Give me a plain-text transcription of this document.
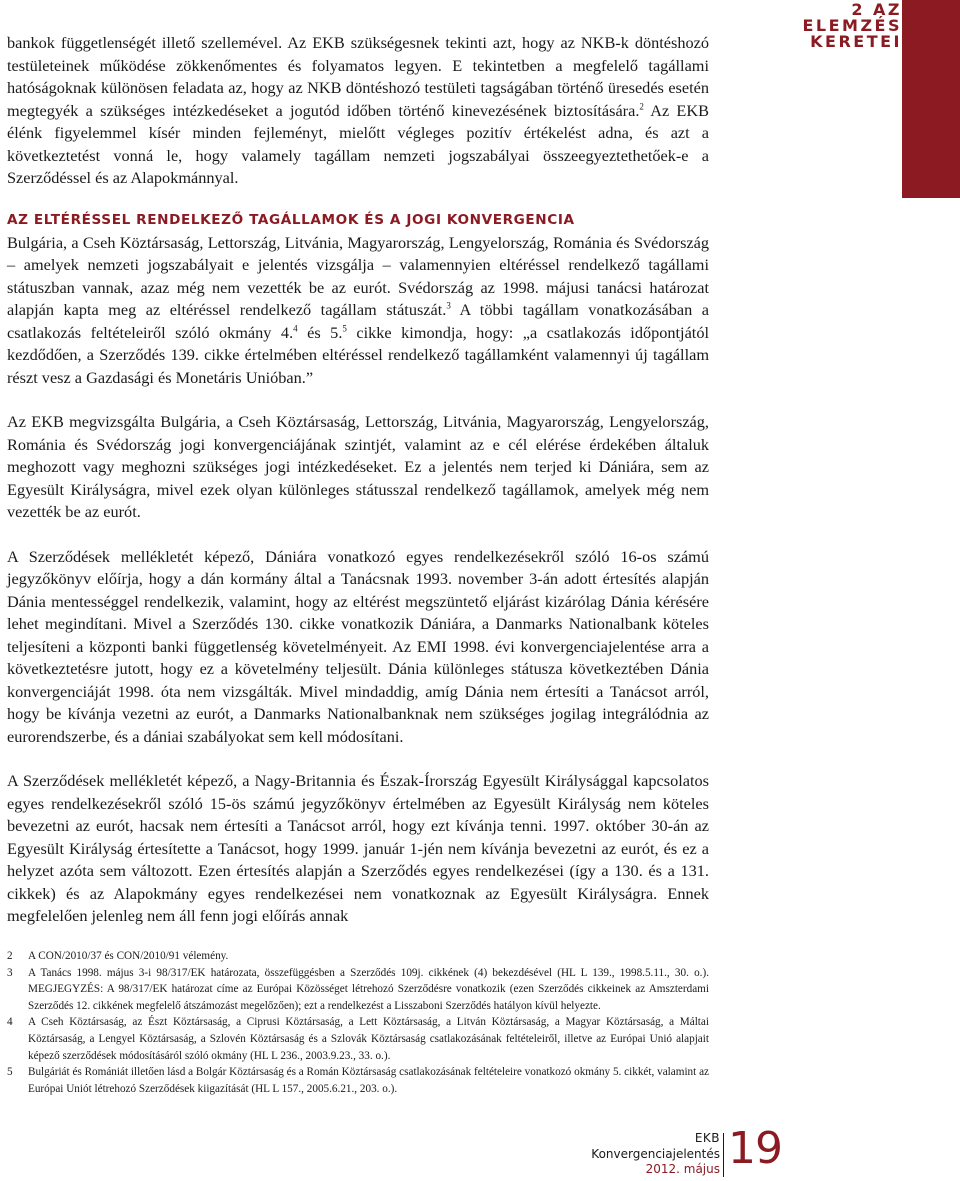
2 AZ ELEMZÉS
KERETEI

bankok függetlenségét illető szellemével. Az EKB szükségesnek tekinti azt, hogy az NKB-k döntéshozó testületeinek működése zökkenőmentes és folyamatos legyen. E tekintetben a megfelelő tagállami hatóságoknak különösen feladata az, hogy az NKB döntéshozó testületi tagságában történő üresedés esetén megtegyék a szükséges intézkedéseket a jogutód időben történő kinevezésének biztosítására.$^2$ Az EKB élénk figyelemmel kísér minden fejleményt, mielőtt végleges pozitív értékelést adna, és azt a következtetést vonná le, hogy valamely tagállam nemzeti jogszabályai összeegyeztethetőek-e a Szerződéssel és az Alapokmánnyal.

AZ ELTÉRÉSSEL RENDELKEZŐ TAGÁLLAMOK ÉS A JOGI KONVERGENCIA

Bulgária, a Cseh Köztársaság, Lettország, Litvánia, Magyarország, Lengyelország, Románia és Svédország – amelyek nemzeti jogszabályait e jelentés vizsgálja – valamennyien eltéréssel rendelkező tagállami státuszban vannak, azaz még nem vezették be az eurót. Svédország az 1998. májusi tanácsi határozat alapján kapta meg az eltéréssel rendelkező tagállam státuszát.$^3$ A többi tagállam vonatkozásában a csatlakozás feltételeiről szóló okmány 4.$^4$ és 5.$^5$ cikke kimondja, hogy: „a csatlakozás időpontjától kezdődően, a Szerződés 139. cikke értelmében eltéréssel rendelkező tagállamként valamennyi új tagállam részt vesz a Gazdasági és Monetáris Unióban.”

Az EKB megvizsgálta Bulgária, a Cseh Köztársaság, Lettország, Litvánia, Magyarország, Lengyelország, Románia és Svédország jogi konvergenciájának szintjét, valamint az e cél elérése érdekében általuk meghozott vagy meghozni szükséges jogi intézkedéseket. Ez a jelentés nem terjed ki Dániára, sem az Egyesült Királyságra, mivel ezek olyan különleges státusszal rendelkező tagállamok, amelyek még nem vezették be az eurót.

A Szerződések mellékletét képező, Dániára vonatkozó egyes rendelkezésekről szóló 16-os számú jegyzőkönyv előírja, hogy a dán kormány által a Tanácsnak 1993. november 3-án adott értesítés alapján Dánia mentességgel rendelkezik, valamint, hogy az eltérést megszüntető eljárást kizárólag Dánia kérésére lehet megindítani. Mivel a Szerződés 130. cikke vonatkozik Dániára, a Danmarks Nationalbank köteles teljesíteni a központi banki függetlenség követelményeit. Az EMI 1998. évi konvergenciajelentése arra a következtetésre jutott, hogy ez a követelmény teljesült. Dánia különleges státusza következtében Dánia konvergenciáját 1998. óta nem vizsgálták. Mivel mindaddig, amíg Dánia nem értesíti a Tanácsot arról, hogy be kívánja vezetni az eurót, a Danmarks Nationalbanknak nem szükséges jogilag integrálódnia az eurorendszerbe, és a dániai szabályokat sem kell módosítani.

A Szerződések mellékletét képező, a Nagy-Britannia és Észak-Írország Egyesült Királysággal kapcsolatos egyes rendelkezésekről szóló 15-ös számú jegyzőkönyv értelmében az Egyesült Királyság nem köteles bevezetni az eurót, hacsak nem értesíti a Tanácsot arról, hogy ezt kívánja tenni. 1997. október 30-án az Egyesült Királyság értesítette a Tanácsot, hogy 1999. január 1-jén nem kívánja bevezetni az eurót, és ez a helyzet azóta sem változott. Ezen értesítés alapján a Szerződés egyes rendelkezései (így a 130. és a 131. cikkek) és az Alapokmány egyes rendelkezései nem vonatkoznak az Egyesült Királyságra. Ennek megfelelően jelenleg nem áll fenn jogi előírás annak

2	A CON/2010/37 és CON/2010/91 vélemény.
3	A Tanács 1998. május 3-i 98/317/EK határozata, összefüggésben a Szerződés 109j. cikkének (4) bekezdésével (HL L 139., 1998.5.11., 30. o.). MEGJEGYZÉS: A 98/317/EK határozat címe az Európai Közösséget létrehozó Szerződésre vonatkozik (ezen Szerződés cikkeinek az Amszterdami Szerződés 12. cikkének megfelelő átszámozást megelőzően); ezt a rendelkezést a Lisszaboni Szerződés hatályon kívül helyezte.
4	A Cseh Köztársaság, az Észt Köztársaság, a Ciprusi Köztársaság, a Lett Köztársaság, a Litván Köztársaság, a Magyar Köztársaság, a Máltai Köztársaság, a Lengyel Köztársaság, a Szlovén Köztársaság és a Szlovák Köztársaság csatlakozásának feltételeiről, illetve az Európai Unió alapjait képező szerződések módosításáról szóló okmány (HL L 236., 2003.9.23., 33. o.).
5	Bulgáriát és Romániát illetően lásd a Bolgár Köztársaság és a Román Köztársaság csatlakozásának feltételeire vonatkozó okmány 5. cikkét, valamint az Európai Uniót létrehozó Szerződések kiigazítását (HL L 157., 2005.6.21., 203. o.).
EKB
Konvergenciajelentés
2012. május 19
